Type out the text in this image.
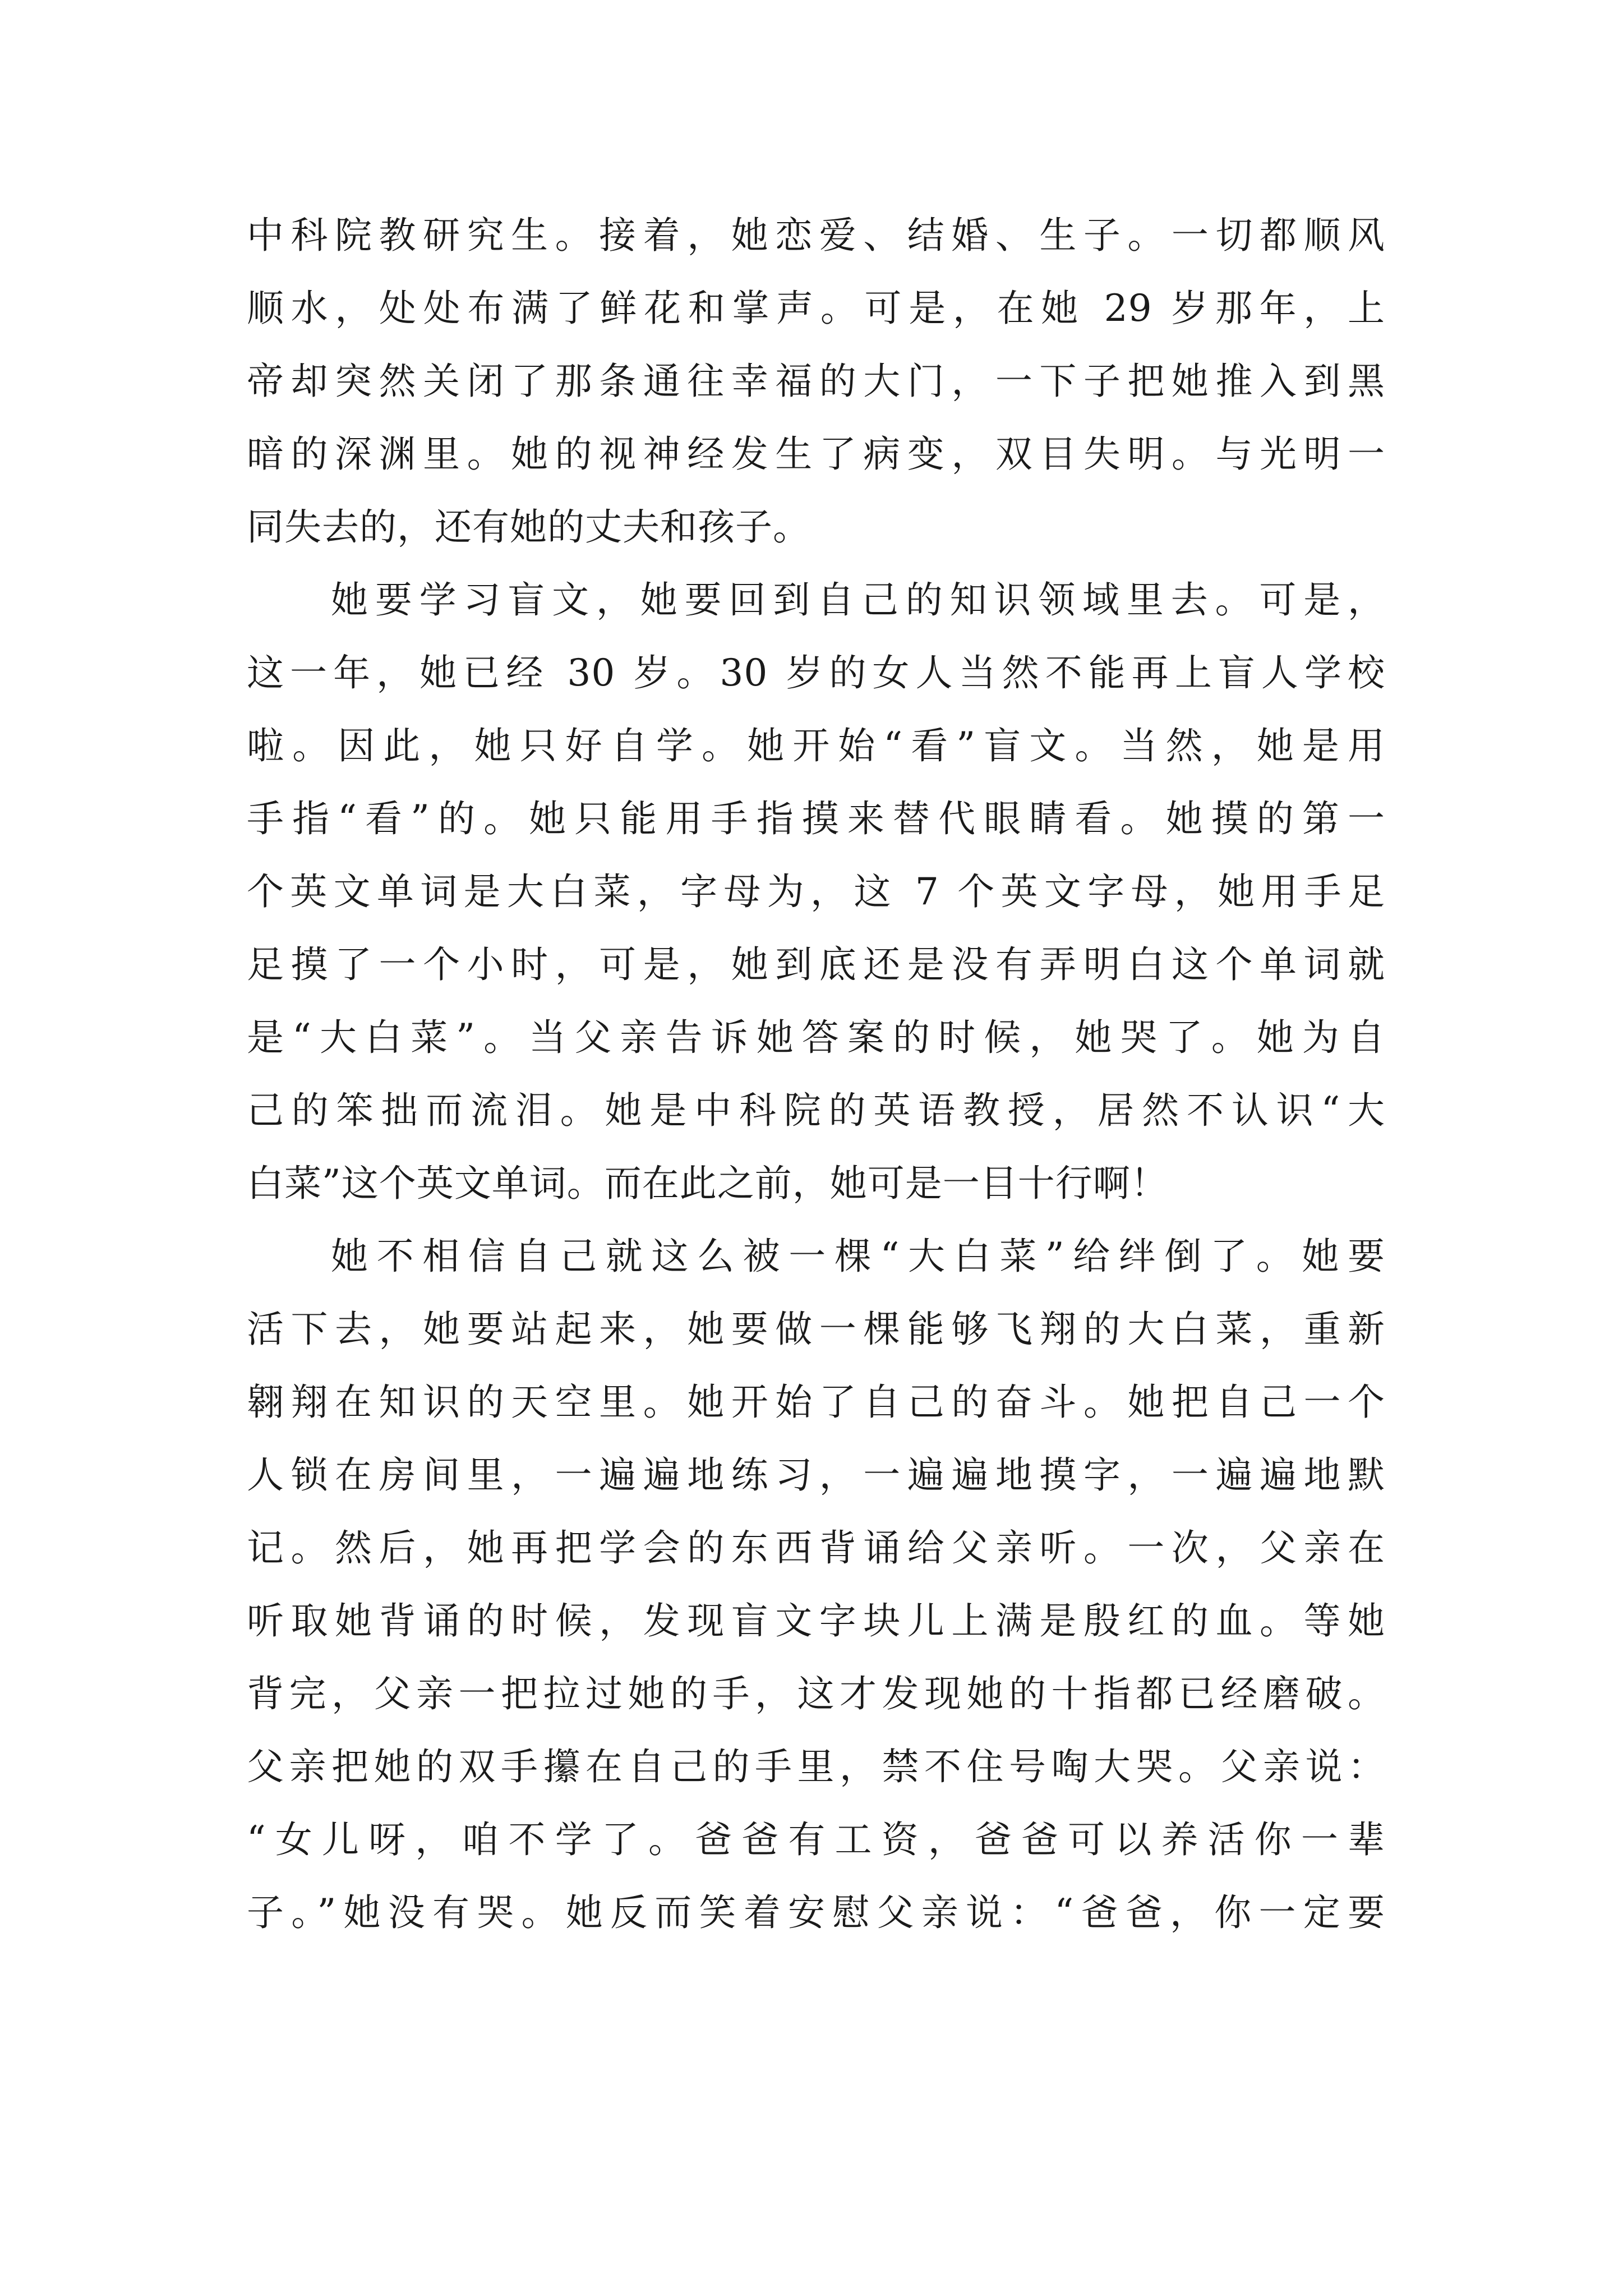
中科院教研究生。接着，她恋爱、结婚、生子。一切都顺风
顺水，处处布满了鲜花和掌声。可是，在她 29 岁那年，上
帝却突然关闭了那条通往幸福的大门，一下子把她推入到黑
暗的深渊里。她的视神经发生了病变，双目失明。与光明一
同失去的，还有她的丈夫和孩子。
她要学习盲文，她要回到自己的知识领域里去。可是，
这一年，她已经 30 岁。30 岁的女人当然不能再上盲人学校
啦。因此，她只好自学。她开始“看”盲文。当然，她是用
手指“看”的。她只能用手指摸来替代眼睛看。她摸的第一
个英文单词是大白菜，字母为，这 7 个英文字母，她用手足
足摸了一个小时，可是，她到底还是没有弄明白这个单词就
是“大白菜”。当父亲告诉她答案的时候，她哭了。她为自
己的笨拙而流泪。她是中科院的英语教授，居然不认识“大
白菜”这个英文单词。而在此之前，她可是一目十行啊！
她不相信自己就这么被一棵“大白菜”给绊倒了。她要
活下去，她要站起来，她要做一棵能够飞翔的大白菜，重新
翱翔在知识的天空里。她开始了自己的奋斗。她把自己一个
人锁在房间里，一遍遍地练习，一遍遍地摸字，一遍遍地默
记。然后，她再把学会的东西背诵给父亲听。一次，父亲在
听取她背诵的时候，发现盲文字块儿上满是殷红的血。等她
背完，父亲一把拉过她的手，这才发现她的十指都已经磨破。
父亲把她的双手攥在自己的手里，禁不住号啕大哭。父亲说：
“女儿呀，咱不学了。爸爸有工资，爸爸可以养活你一辈
子。”她没有哭。她反而笑着安慰父亲说：“爸爸，你一定要
